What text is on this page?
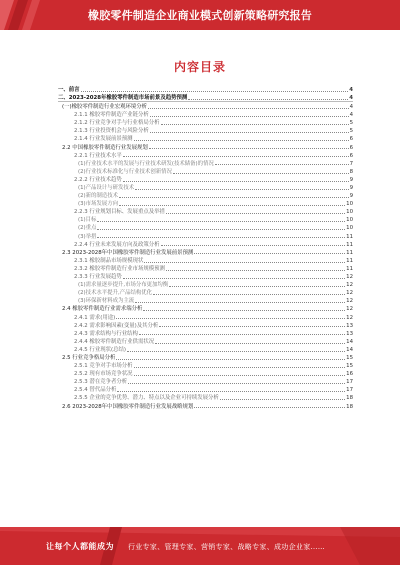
橡胶零件制造企业商业模式创新策略研究报告
内容目录
一、前言	4
二、2023-2028年橡胶零件制造市场前景及趋势预测	4
(一)橡胶零件制造行业宏观环境分析	4
2.1.1 橡胶零件制造产业链分析	4
2.1.2 行业竞争对手与行业格局分析	5
2.1.3 行业投资机会与风险分析	5
2.1.4 行业发展前景预测	6
2.2 中国橡胶零件制造行业发展规划	6
2.2.1 行业技术水平	6
(1)行业技术水平的发展与行业技术研发(技术储备)的情况	7
(2)行业技术标准化与行业技术创新情况	8
2.2.2 行业技术趋势	9
(1)产品设计与研发技术	9
(2)新的制造技术	9
(3)市场发展方向	10
2.2.3 行业规划目标、发展重点及举措	10
(1)目标	10
(2)重点	10
(3)举措	11
2.2.4 行业未来发展方向及政策分析	11
2.3 2023-2028年中国橡胶零件制造行业发展前景预测	11
2.3.1 橡胶制品市场规模现状	11
2.3.2 橡胶零件制造行业市场规模预测	11
2.3.3 行业发展趋势	12
(1)需求量逐步提升,市场分布更加均衡	12
(2)技术水平提升,产品结构优化	12
(3)环保新材料成为主流	12
2.4 橡胶零件制造行业需求端分析	12
2.4.1 需求(用途)	12
2.4.2 需求影响因素(变量)及其分析	13
2.4.3 需求结构与行业结构	13
2.4.4 橡胶零件制造行业供需状况	14
2.4.5 行业现状(总结)	14
2.5 行业竞争格局分析	15
2.5.1 竞争对手市场分析	15
2.5.2 现有市场竞争状况	16
2.5.3 潜在竞争者分析	17
2.5.4 替代品分析	17
2.5.5 企业的竞争优势、潜力、特点以及企业可持续发展分析	18
2.6 2023-2028年中国橡胶零件制造行业发展战略规划	18
让每个人都能成为 行业专家、管理专家、营销专家、战略专家、成功企业家……
